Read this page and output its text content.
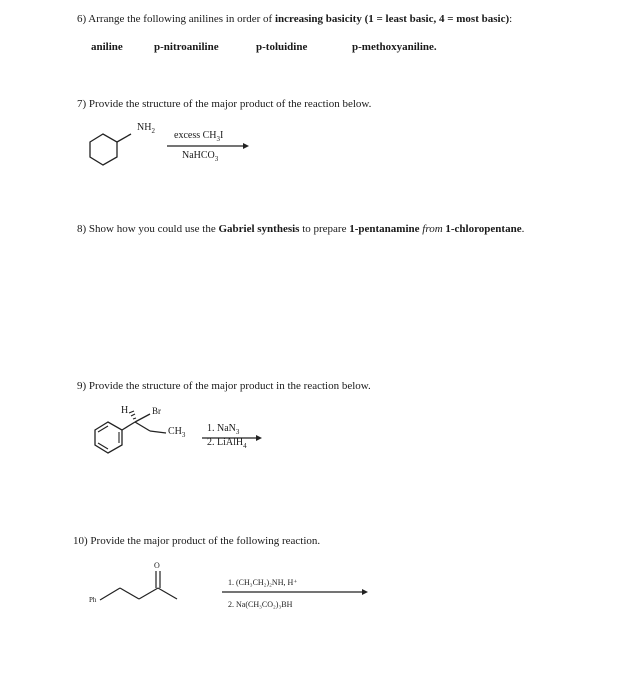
6) Arrange the following anilines in order of increasing basicity (1 = least basic, 4 = most basic):
aniline	p-nitroaniline	p-toluidine	p-methoxyaniline.
7) Provide the structure of the major product of the reaction below.
$NH_2$ excess $CH_3I$
NaHCO$_3$
8) Show how you could use the Gabriel synthesis to prepare 1-pentanamine from 1-chloropentane.
9) Provide the structure of the major product in the reaction below.
H	Br
$CH_3$
1. NaN$_3$
2. LiAlH$_4$
10) Provide the major product of the following reaction.
O
Ph
1. (CH₃CH₂)₂NH, H⁺
2. Na(CH₃CO₂)₃BH
